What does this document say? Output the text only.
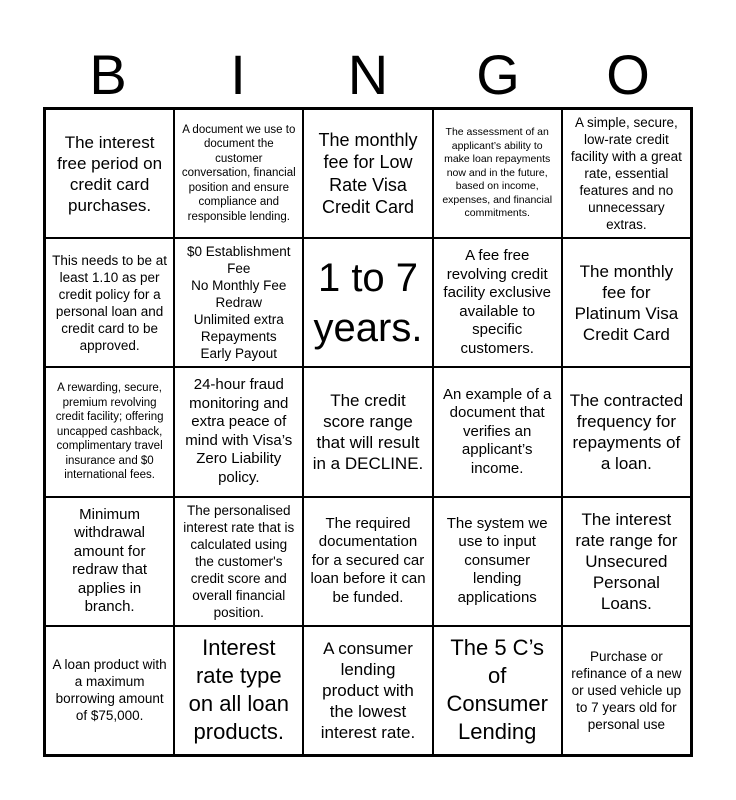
B	I	N	G	O
The interest free period on credit card purchases.
A document we use to document the customer conversation, financial position and ensure compliance and responsible lending.
The monthly fee for Low Rate Visa Credit Card
The assessment of an applicant’s ability to make loan repayments now and in the future, based on income, expenses, and financial commitments.
A simple, secure, low-rate credit facility with a great rate, essential features and no unnecessary extras.
This needs to be at least 1.10 as per credit policy for a personal loan and credit card to be approved.
$0 Establishment Fee
No Monthly Fee
Redraw
Unlimited extra Repayments
Early Payout
1 to 7 years.
A fee free revolving credit facility exclusive available to specific customers.
The monthly fee for Platinum Visa Credit Card
A rewarding, secure, premium revolving credit facility; offering uncapped cashback, complimentary travel insurance and $0 international fees.
24-hour fraud monitoring and extra peace of mind with Visa’s Zero Liability policy.
The credit score range that will result in a DECLINE.
An example of a document that verifies an applicant’s income.
The contracted frequency for repayments of a loan.
Minimum withdrawal amount for redraw that applies in branch.
The personalised interest rate that is calculated using the customer's credit score and overall financial position.
The required documentation for a secured car loan before it can be funded.
The system we use to input consumer lending applications
The interest rate range for Unsecured Personal Loans.
A loan product with a maximum borrowing amount of $75,000.
Interest rate type on all loan products.
A consumer lending product with the lowest interest rate.
The 5 C’s of Consumer Lending
Purchase or refinance of a new or used vehicle up to 7 years old for personal use
